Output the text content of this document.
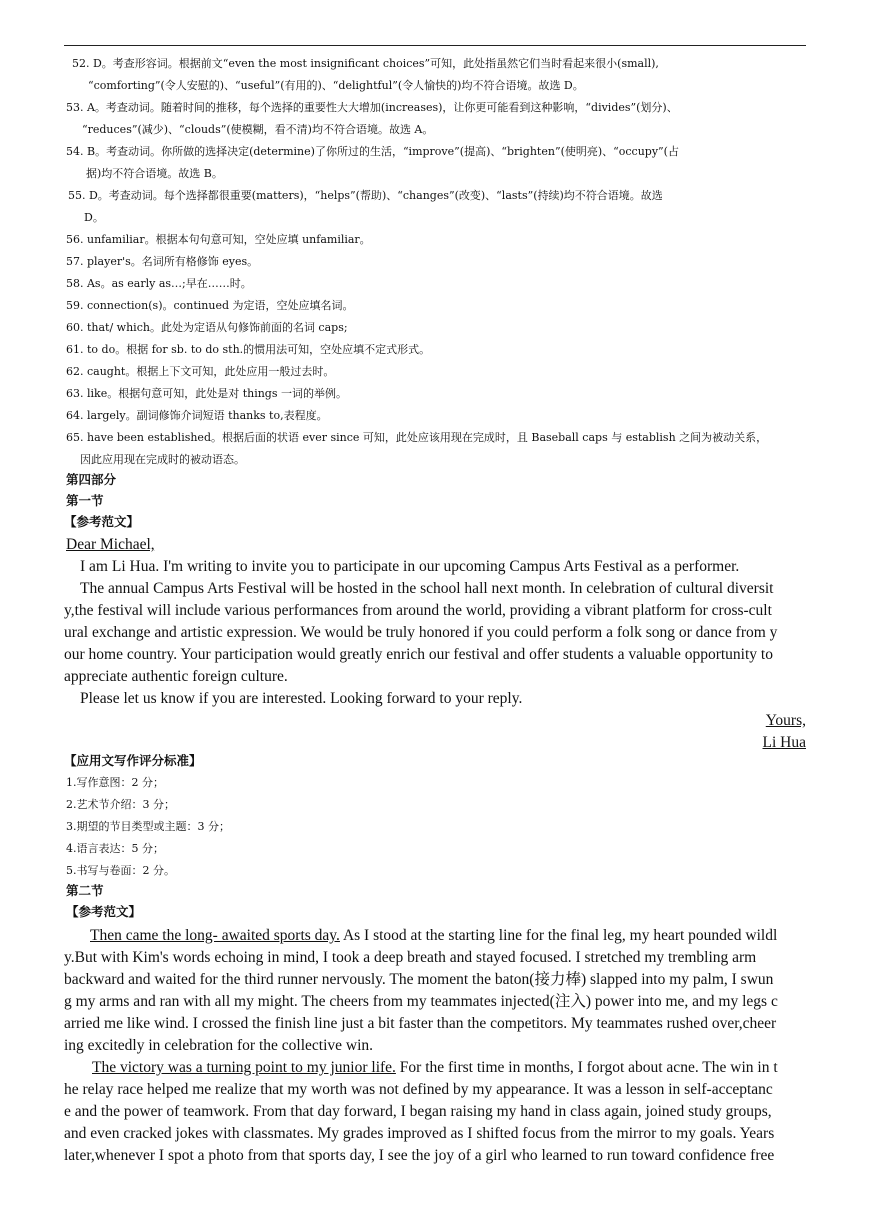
52. D。考查形容词。根据前文“even the most insignificant choices”可知，此处指虽然它们当时看起来很小(small),
“comforting”(令人安慰的)、“useful”(有用的)、“delightful”(令人愉快的)均不符合语境。故选 D。
53. A。考查动词。随着时间的推移，每个选择的重要性大大增加(increases)，让你更可能看到这种影响，“divides”(划分)、
“reduces”(减少)、“clouds”(使模糊，看不清)均不符合语境。故选 A。
54. B。考查动词。你所做的选择决定(determine)了你所过的生活，“improve”(提高)、“brighten”(使明亮)、“occupy”(占
据)均不符合语境。故选 B。
55. D。考查动词。每个选择都很重要(matters)，“helps”(帮助)、“changes”(改变)、“lasts”(持续)均不符合语境。故选
D。
56. unfamiliar。根据本句句意可知，空处应填 unfamiliar。
57. player's。名词所有格修饰 eyes。
58. As。as early as…;早在……时。
59. connection(s)。continued 为定语，空处应填名词。
60. that/ which。此处为定语从句修饰前面的名词 caps;
61. to do。根据 for sb. to do sth.的惯用法可知，空处应填不定式形式。
62. caught。根据上下文可知，此处应用一般过去时。
63. like。根据句意可知，此处是对 things 一词的举例。
64. largely。副词修饰介词短语 thanks to,表程度。
65. have been established。根据后面的状语 ever since 可知，此处应该用现在完成时，且 Baseball caps 与 establish 之间为被动关系，
因此应用现在完成时的被动语态。
第四部分
第一节
【参考范文】
Dear Michael,
I am Li Hua. I'm writing to invite you to participate in our upcoming Campus Arts Festival as a performer.
The annual Campus Arts Festival will be hosted in the school hall next month. In celebration of cultural diversit
y,the festival will include various performances from around the world, providing a vibrant platform for cross-cult
ural exchange and artistic expression. We would be truly honored if you could perform a folk song or dance from y
our home country. Your participation would greatly enrich our festival and offer students a valuable opportunity to
appreciate authentic foreign culture.
Please let us know if you are interested. Looking forward to your reply.
Yours,
Li Hua
【应用文写作评分标准】
1.写作意图：2 分；
2.艺术节介绍：3 分；
3.期望的节目类型或主题：3 分；
4.语言表达：5 分；
5.书写与卷面：2 分。
第二节
【参考范文】
Then came the long- awaited sports day. As I stood at the starting line for the final leg, my heart pounded wildl
y.But with Kim's words echoing in mind, I took a deep breath and stayed focused. I stretched my trembling arm
backward and waited for the third runner nervously. The moment the baton(接力棒) slapped into my palm, I swun
g my arms and ran with all my might. The cheers from my teammates injected(注入) power into me, and my legs c
arried me like wind. I crossed the finish line just a bit faster than the competitors. My teammates rushed over,cheer
ing excitedly in celebration for the collective win.
The victory was a turning point to my junior life. For the first time in months, I forgot about acne. The win in t
he relay race helped me realize that my worth was not defined by my appearance. It was a lesson in self-acceptanc
e and the power of teamwork. From that day forward, I began raising my hand in class again, joined study groups,
and even cracked jokes with classmates. My grades improved as I shifted focus from the mirror to my goals. Years
later,whenever I spot a photo from that sports day, I see the joy of a girl who learned to run toward confidence free
